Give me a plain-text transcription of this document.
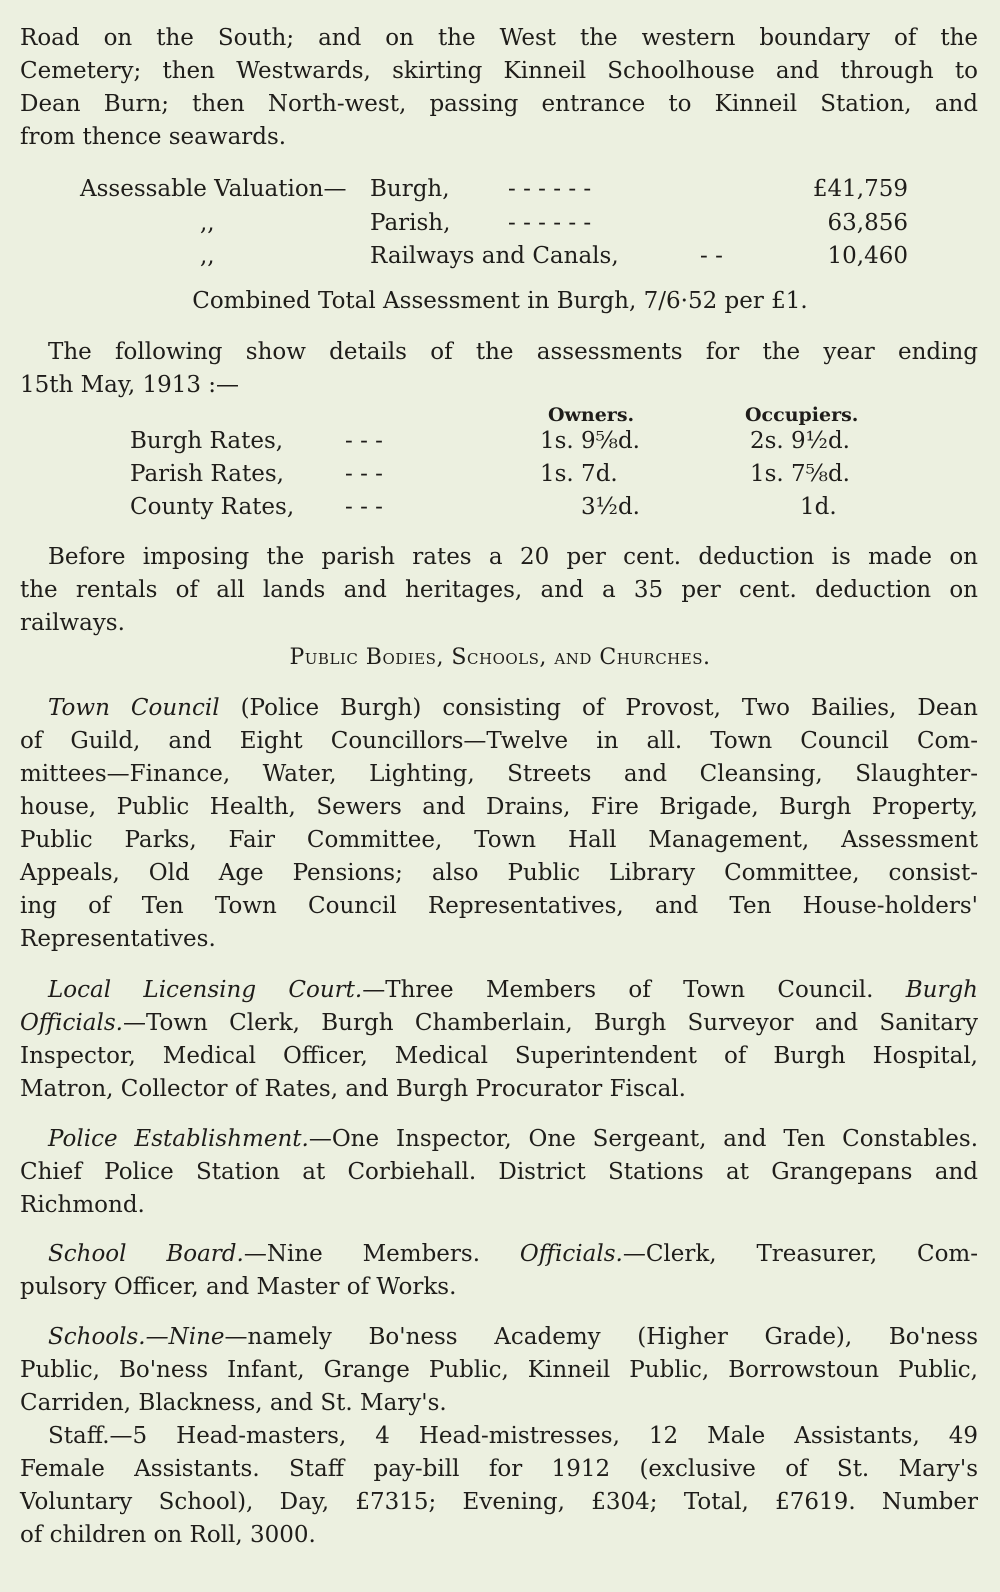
Road on the South; and on the West the western boundary of the
Cemetery; then Westwards, skirting Kinneil Schoolhouse and through to
Dean Burn; then North-west, passing entrance to Kinneil Station, and
from thence seawards.
Assessable Valuation— Burgh,	- - - - - -	£41,759
,,	Parish,	- - - - - -	63,856
,,	Railways and Canals,	- -	10,460
Combined Total Assessment in Burgh, 7/6·52 per £1.
The following show details of the assessments for the year ending
15th May, 1913 :—
Owners.	Occupiers.
Burgh Rates,	- - -	1s. 9⅝d.	2s. 9½d.
Parish Rates,	- - -	1s. 7d.	1s. 7⅝d.
County Rates, - - -	3½d.	1d.
Before imposing the parish rates a 20 per cent. deduction is made on
the rentals of all lands and heritages, and a 35 per cent. deduction on
railways.
Public Bodies, Schools, and Churches.
Town Council (Police Burgh) consisting of Provost, Two Bailies, Dean
of Guild, and Eight Councillors—Twelve in all. Town Council Com-
mittees—Finance, Water, Lighting, Streets and Cleansing, Slaughter-
house, Public Health, Sewers and Drains, Fire Brigade, Burgh Property,
Public Parks, Fair Committee, Town Hall Management, Assessment
Appeals, Old Age Pensions; also Public Library Committee, consist-
ing of Ten Town Council Representatives, and Ten House-holders'
Representatives.
Local Licensing Court.—Three Members of Town Council. Burgh
Officials.—Town Clerk, Burgh Chamberlain, Burgh Surveyor and Sanitary
Inspector, Medical Officer, Medical Superintendent of Burgh Hospital,
Matron, Collector of Rates, and Burgh Procurator Fiscal.
Police Establishment.—One Inspector, One Sergeant, and Ten Constables.
Chief Police Station at Corbiehall. District Stations at Grangepans and
Richmond.
School Board.—Nine Members. Officials.—Clerk, Treasurer, Com-
pulsory Officer, and Master of Works.
Schools.—Nine—namely Bo'ness Academy (Higher Grade), Bo'ness
Public, Bo'ness Infant, Grange Public, Kinneil Public, Borrowstoun Public,
Carriden, Blackness, and St. Mary's.
Staff.—5 Head-masters, 4 Head-mistresses, 12 Male Assistants, 49
Female Assistants. Staff pay-bill for 1912 (exclusive of St. Mary's
Voluntary School), Day, £7315; Evening, £304; Total, £7619. Number
of children on Roll, 3000.
